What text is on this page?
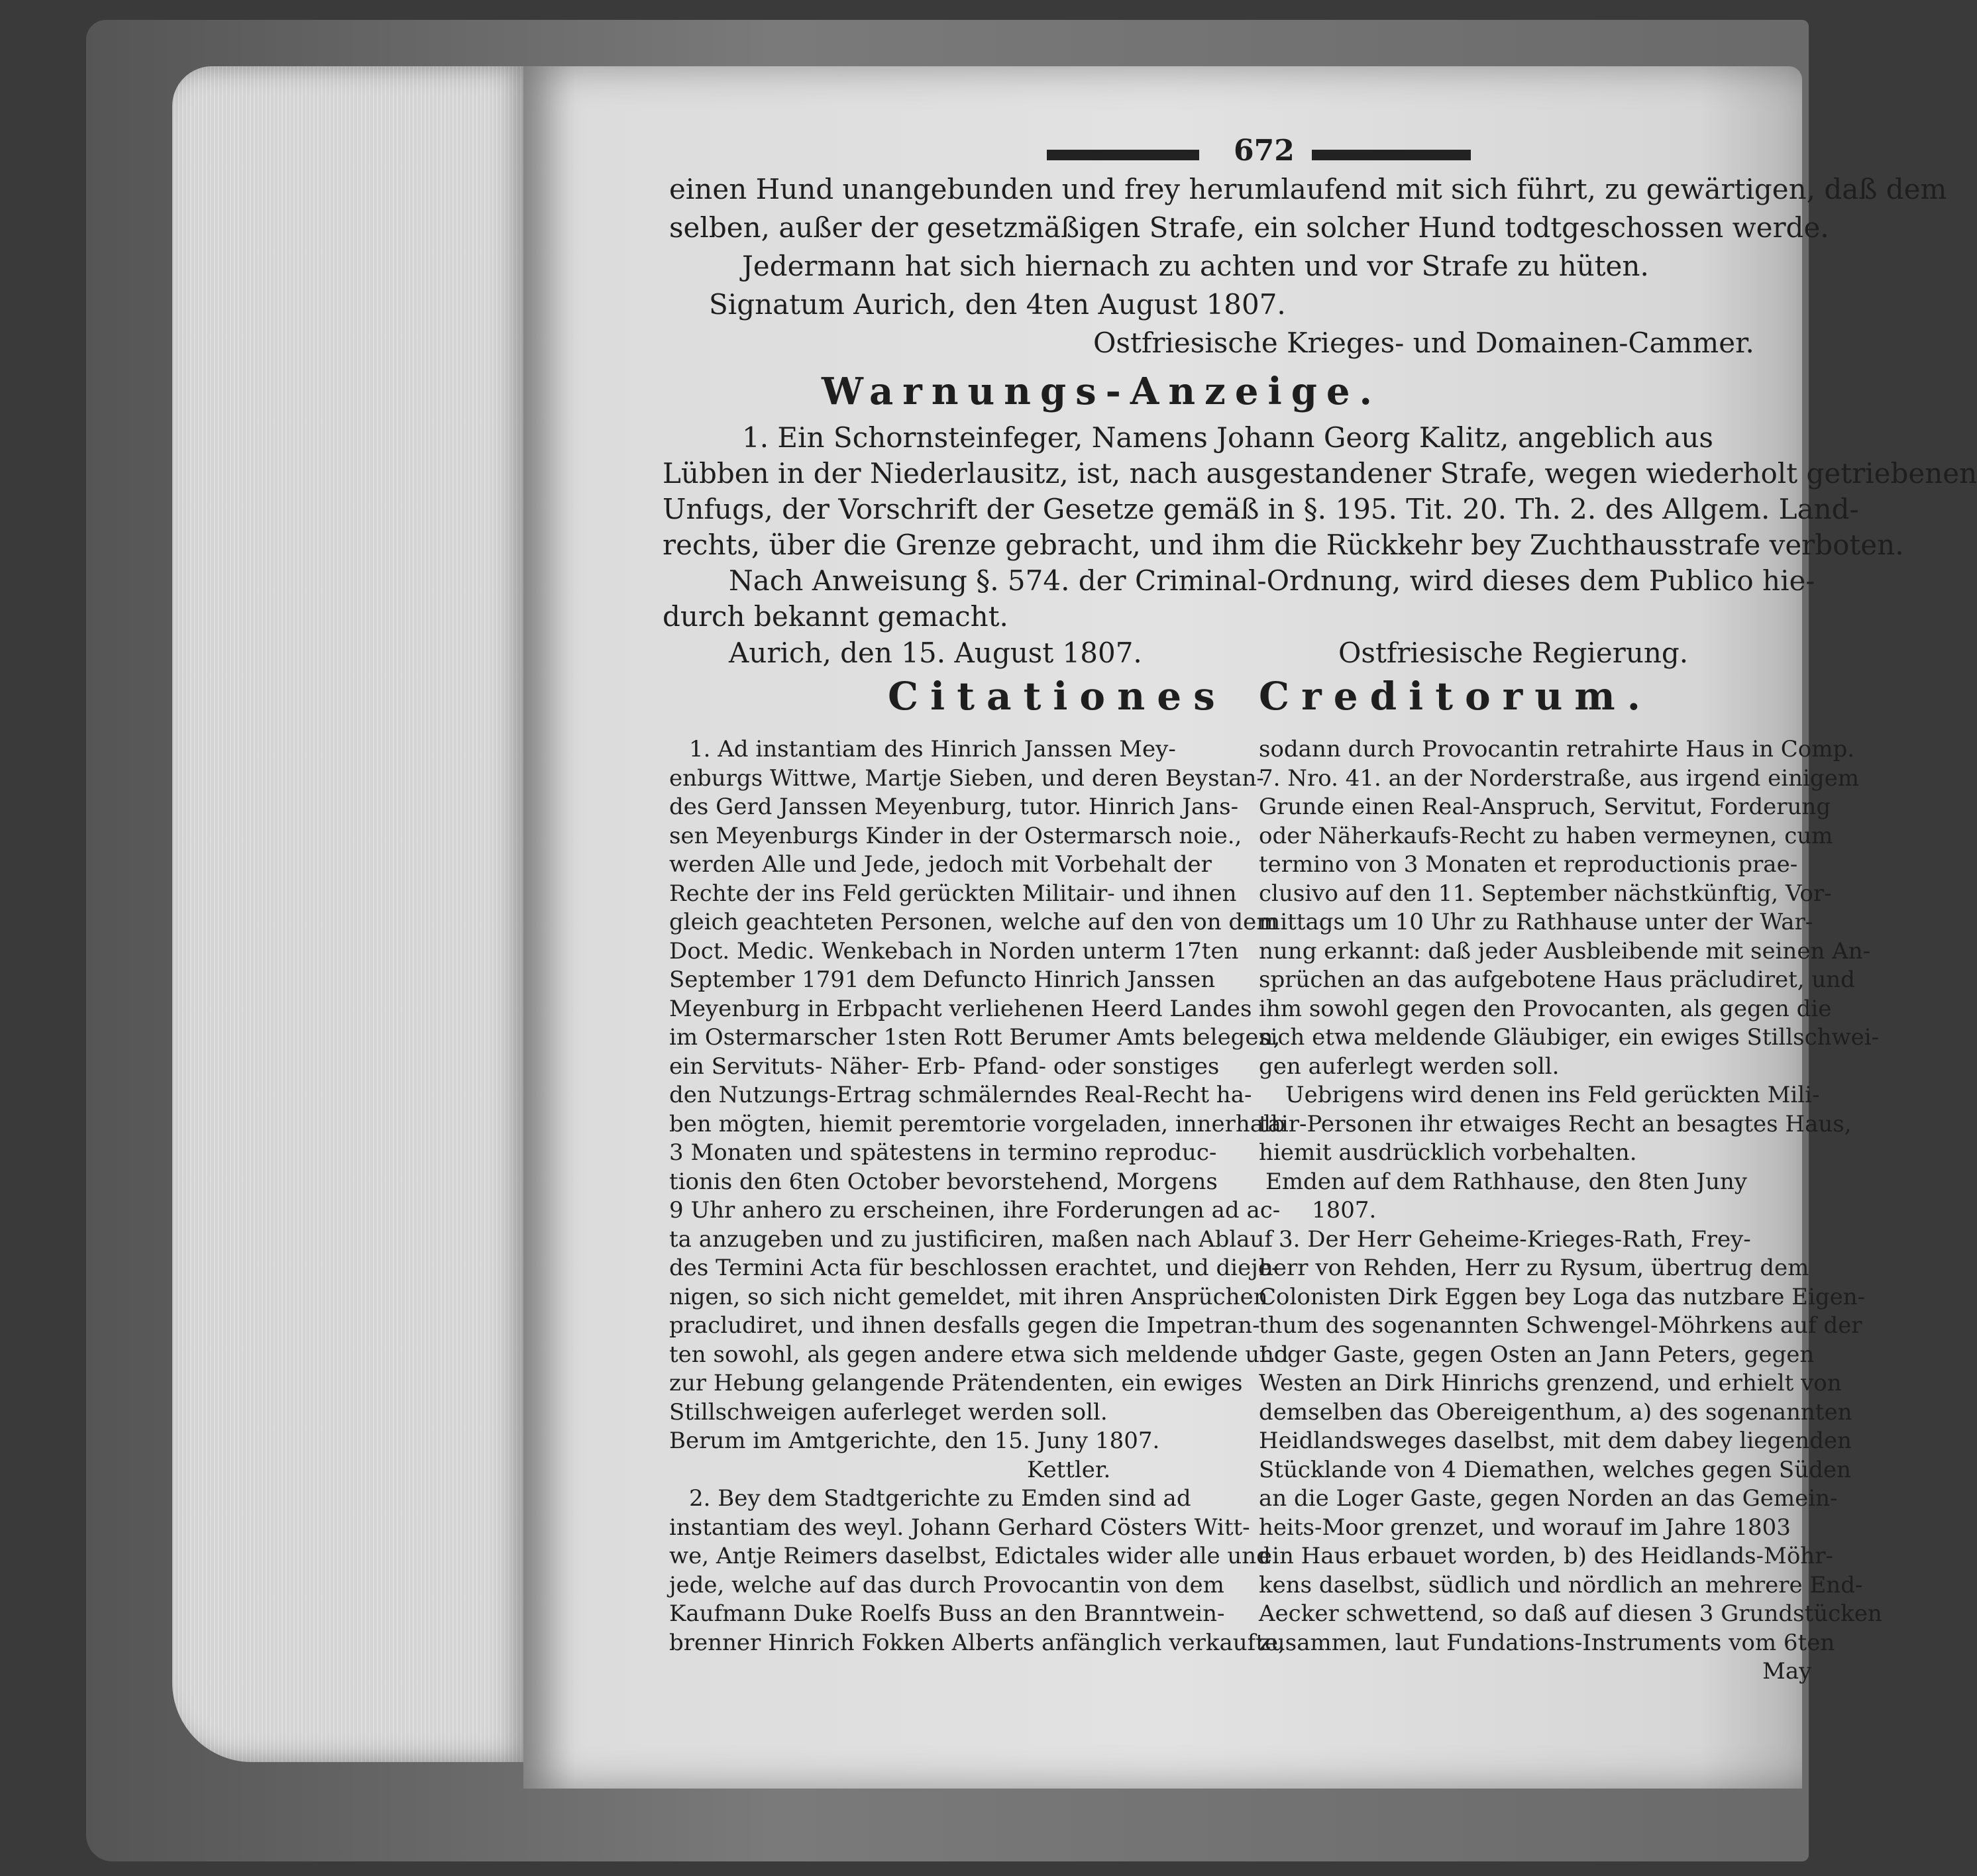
672
einen Hund unangebunden und frey herumlaufend mit sich führt, zu gewärtigen, daß dem
selben, außer der gesetzmäßigen Strafe, ein solcher Hund todtgeschossen werde.
Jedermann hat sich hiernach zu achten und vor Strafe zu hüten.
Signatum Aurich, den 4ten August 1807.
Ostfriesische Krieges- und Domainen-Cammer.
Warnungs-Anzeige.
1. Ein Schornsteinfeger, Namens Johann Georg Kalitz, angeblich aus
Lübben in der Niederlausitz, ist, nach ausgestandener Strafe, wegen wiederholt getriebenen
Unfugs, der Vorschrift der Gesetze gemäß in §. 195. Tit. 20. Th. 2. des Allgem. Land-
rechts, über die Grenze gebracht, und ihm die Rückkehr bey Zuchthausstrafe verboten.
Nach Anweisung §. 574. der Criminal-Ordnung, wird dieses dem Publico hie-
durch bekannt gemacht.
Aurich, den 15. August 1807.	Ostfriesische Regierung.
Citationes Creditorum.
1. Ad instantiam des Hinrich Janssen Mey-
enburgs Wittwe, Martje Sieben, und deren Beystan-
des Gerd Janssen Meyenburg, tutor. Hinrich Jans-
sen Meyenburgs Kinder in der Ostermarsch noie.,
werden Alle und Jede, jedoch mit Vorbehalt der
Rechte der ins Feld gerückten Militair- und ihnen
gleich geachteten Personen, welche auf den von dem
Doct. Medic. Wenkebach in Norden unterm 17ten
September 1791 dem Defuncto Hinrich Janssen
Meyenburg in Erbpacht verliehenen Heerd Landes
im Ostermarscher 1sten Rott Berumer Amts belegen,
ein Servituts- Näher- Erb- Pfand- oder sonstiges
den Nutzungs-Ertrag schmälerndes Real-Recht ha-
ben mögten, hiemit peremtorie vorgeladen, innerhalb
3 Monaten und spätestens in termino reproduc-
tionis den 6ten October bevorstehend, Morgens
9 Uhr anhero zu erscheinen, ihre Forderungen ad ac-
ta anzugeben und zu justificiren, maßen nach Ablauf
des Termini Acta für beschlossen erachtet, und dieje-
nigen, so sich nicht gemeldet, mit ihren Ansprüchen
pracludiret, und ihnen desfalls gegen die Impetran-
ten sowohl, als gegen andere etwa sich meldende und
zur Hebung gelangende Prätendenten, ein ewiges
Stillschweigen auferleget werden soll.
Berum im Amtgerichte, den 15. Juny 1807.
Kettler.
2. Bey dem Stadtgerichte zu Emden sind ad
instantiam des weyl. Johann Gerhard Cösters Witt-
we, Antje Reimers daselbst, Edictales wider alle und
jede, welche auf das durch Provocantin von dem
Kaufmann Duke Roelfs Buss an den Branntwein-
brenner Hinrich Fokken Alberts anfänglich verkaufte,
sodann durch Provocantin retrahirte Haus in Comp.
7. Nro. 41. an der Norderstraße, aus irgend einigem
Grunde einen Real-Anspruch, Servitut, Forderung
oder Näherkaufs-Recht zu haben vermeynen, cum
termino von 3 Monaten et reproductionis prae-
clusivo auf den 11. September nächstkünftig, Vor-
mittags um 10 Uhr zu Rathhause unter der War-
nung erkannt: daß jeder Ausbleibende mit seinen An-
sprüchen an das aufgebotene Haus präcludiret, und
ihm sowohl gegen den Provocanten, als gegen die
sich etwa meldende Gläubiger, ein ewiges Stillschwei-
gen auferlegt werden soll.
Uebrigens wird denen ins Feld gerückten Mili-
tair-Personen ihr etwaiges Recht an besagtes Haus,
hiemit ausdrücklich vorbehalten.
Emden auf dem Rathhause, den 8ten Juny
1807.
3. Der Herr Geheime-Krieges-Rath, Frey-
herr von Rehden, Herr zu Rysum, übertrug dem
Colonisten Dirk Eggen bey Loga das nutzbare Eigen-
thum des sogenannten Schwengel-Möhrkens auf der
Loger Gaste, gegen Osten an Jann Peters, gegen
Westen an Dirk Hinrichs grenzend, und erhielt von
demselben das Obereigenthum, a) des sogenannten
Heidlandsweges daselbst, mit dem dabey liegenden
Stücklande von 4 Diemathen, welches gegen Süden
an die Loger Gaste, gegen Norden an das Gemein-
heits-Moor grenzet, und worauf im Jahre 1803
ein Haus erbauet worden, b) des Heidlands-Möhr-
kens daselbst, südlich und nördlich an mehrere End-
Aecker schwettend, so daß auf diesen 3 Grundstücken
zusammen, laut Fundations-Instruments vom 6ten
May
